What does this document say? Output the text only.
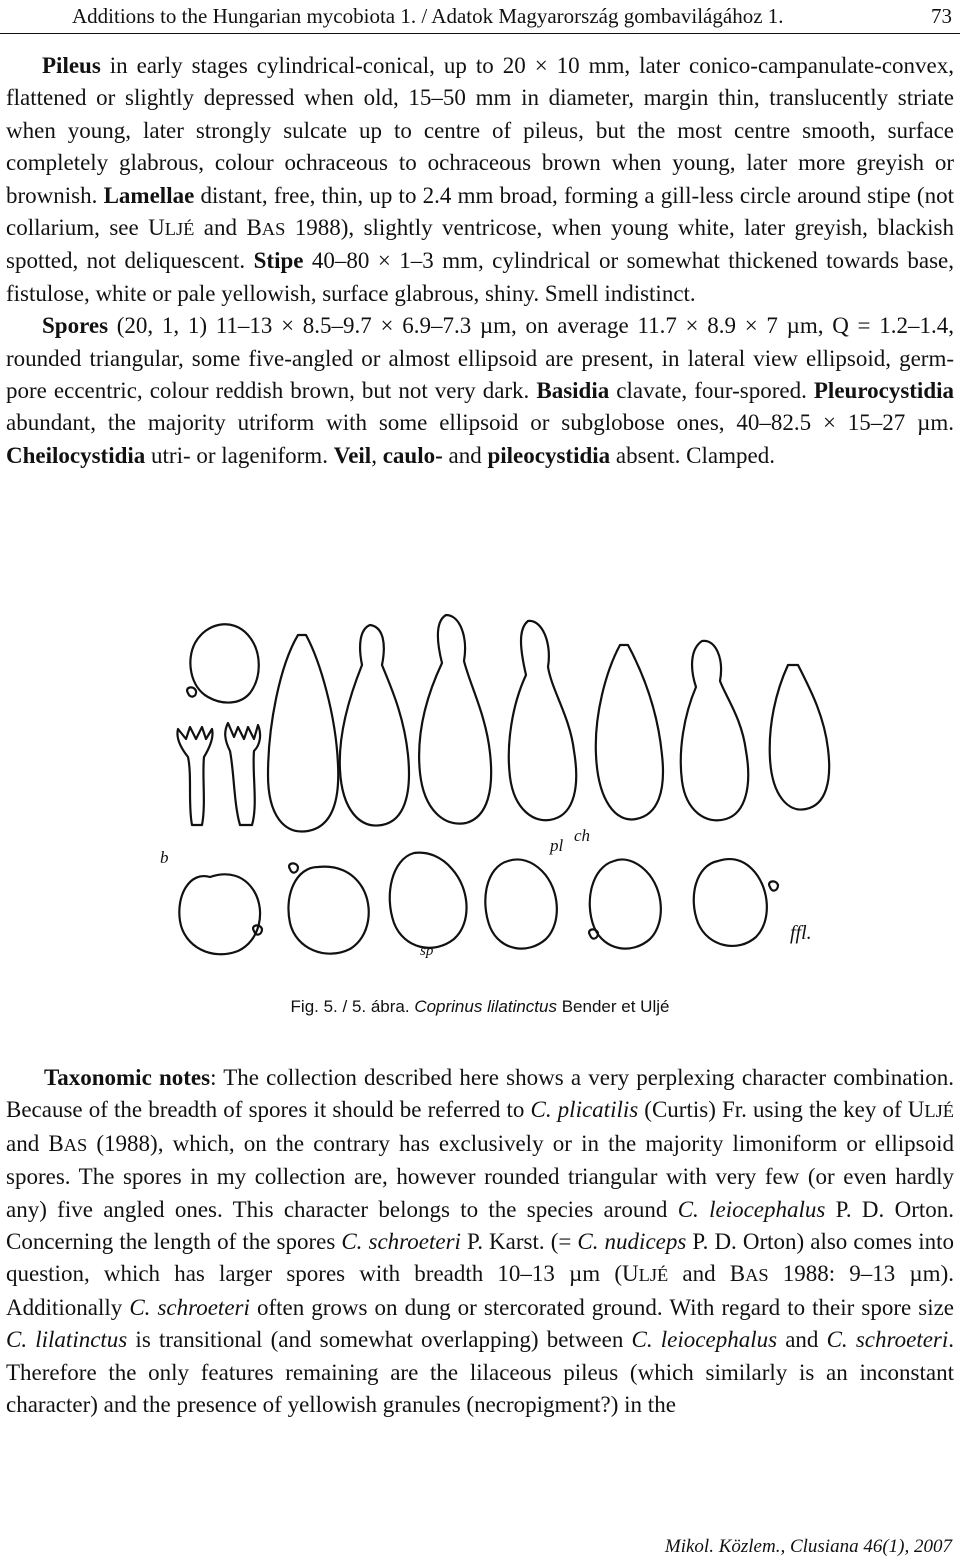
Additions to the Hungarian mycobiota 1. / Adatok Magyarország gombavilágához 1.	73

Pileus in early stages cylindrical-conical, up to 20 × 10 mm, later conico-campanulate-convex, flattened or slightly depressed when old, 15–50 mm in diameter, margin thin, translucently striate when young, later strongly sulcate up to centre of pileus, but the most centre smooth, surface completely glabrous, colour ochraceous to ochraceous brown when young, later more greyish or brownish. Lamellae distant, free, thin, up to 2.4 mm broad, forming a gill-less circle around stipe (not collarium, see ULJÉ and BAS 1988), slightly ventricose, when young white, later greyish, blackish spotted, not deliquescent. Stipe 40–80 × 1–3 mm, cylindrical or somewhat thickened towards base, fistulose, white or pale yellowish, surface glabrous, shiny. Smell indistinct.

Spores (20, 1, 1) 11–13 × 8.5–9.7 × 6.9–7.3 µm, on average 11.7 × 8.9 × 7 µm, Q = 1.2–1.4, rounded triangular, some five-angled or almost ellipsoid are present, in lateral view ellipsoid, germ-pore eccentric, colour reddish brown, but not very dark. Basidia clavate, four-spored. Pleurocystidia abundant, the majority utriform with some ellipsoid or subglobose ones, 40–82.5 × 15–27 µm. Cheilocystidia utri- or lageniform. Veil, caulo- and pileocystidia absent. Clamped.

b
pl
ch
sp
ffl.
Fig. 5. / 5. ábra. Coprinus lilatinctus Bender et Uljé

Taxonomic notes: The collection described here shows a very perplexing character combination. Because of the breadth of spores it should be referred to C. plicatilis (Curtis) Fr. using the key of ULJÉ and BAS (1988), which, on the contrary has exclusively or in the majority limoniform or ellipsoid spores. The spores in my collection are, however rounded triangular with very few (or even hardly any) five angled ones. This character belongs to the species around C. leiocephalus P. D. Orton. Concerning the length of the spores C. schroeteri P. Karst. (= C. nudiceps P. D. Orton) also comes into question, which has larger spores with breadth 10–13 µm (ULJÉ and BAS 1988: 9–13 µm). Additionally C. schroeteri often grows on dung or stercorated ground. With regard to their spore size C. lilatinctus is transitional (and somewhat overlapping) between C. leiocephalus and C. schroeteri. Therefore the only features remaining are the lilaceous pileus (which similarly is an inconstant character) and the presence of yellowish granules (necropigment?) in the

Mikol. Közlem., Clusiana 46(1), 2007
